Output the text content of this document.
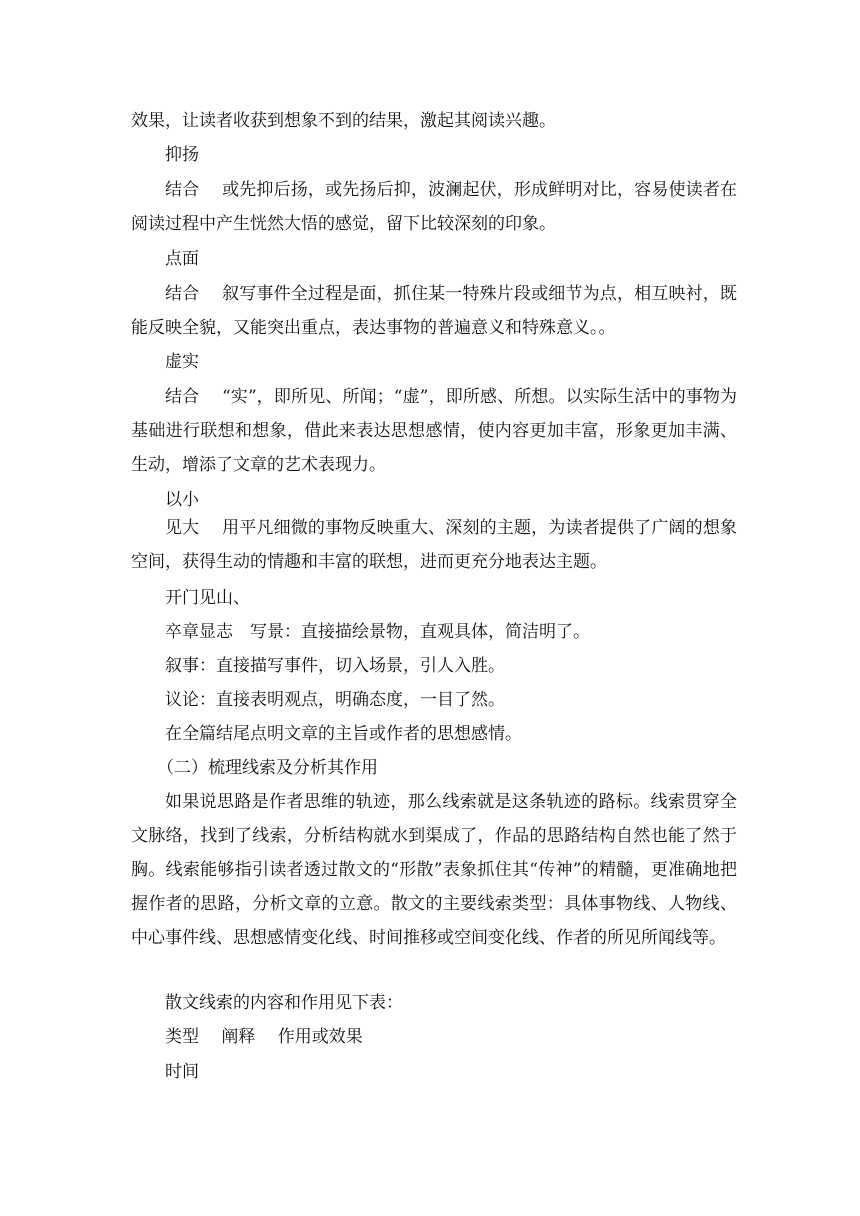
效果，让读者收获到想象不到的结果，激起其阅读兴趣。
抑扬
结合　 或先抑后扬，或先扬后抑，波澜起伏，形成鲜明对比，容易使读者在阅读过程中产生恍然大悟的感觉，留下比较深刻的印象。
点面
结合　 叙写事件全过程是面，抓住某一特殊片段或细节为点，相互映衬，既能反映全貌，又能突出重点，表达事物的普遍意义和特殊意义。。
虚实
结合　 “实”，即所见、所闻；“虚”，即所感、所想。以实际生活中的事物为基础进行联想和想象，借此来表达思想感情，使内容更加丰富，形象更加丰满、生动，增添了文章的艺术表现力。
以小
见大　 用平凡细微的事物反映重大、深刻的主题，为读者提供了广阔的想象空间，获得生动的情趣和丰富的联想，进而更充分地表达主题。
开门见山、
卒章显志　写景：直接描绘景物，直观具体，简洁明了。
叙事：直接描写事件，切入场景，引人入胜。
议论：直接表明观点，明确态度，一目了然。
在全篇结尾点明文章的主旨或作者的思想感情。
（二）梳理线索及分析其作用
如果说思路是作者思维的轨迹，那么线索就是这条轨迹的路标。线索贯穿全文脉络，找到了线索，分析结构就水到渠成了，作品的思路结构自然也能了然于胸。线索能够指引读者透过散文的“形散”表象抓住其“传神”的精髓，更准确地把握作者的思路，分析文章的立意。散文的主要线索类型：具体事物线、人物线、中心事件线、思想感情变化线、时间推移或空间变化线、作者的所见所闻线等。
散文线索的内容和作用见下表：
类型　 阐释　 作用或效果
时间
